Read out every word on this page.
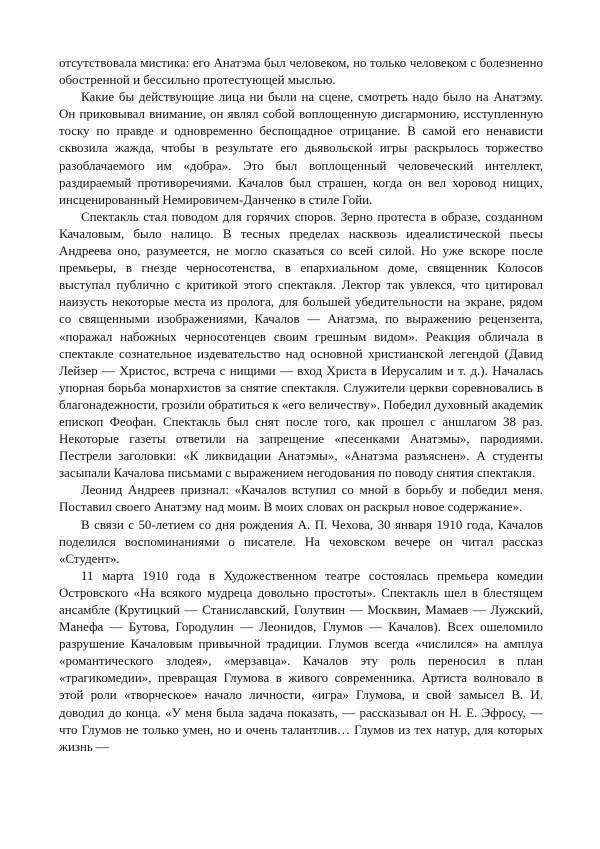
отсутствовала мистика: его Анатэма был человеком, но только человеком с болезненно обостренной и бессильно протестующей мыслью.

Какие бы действующие лица ни были на сцене, смотреть надо было на Анатэму. Он приковывал внимание, он являл собой воплощенную дисгармонию, исступленную тоску по правде и одновременно беспощадное отрицание. В самой его ненависти сквозила жажда, чтобы в результате его дьявольской игры раскрылось торжество разоблачаемого им «добра». Это был воплощенный человеческий интеллект, раздираемый противоречиями. Качалов был страшен, когда он вел хоровод нищих, инсценированный Немировичем-Данченко в стиле Гойи.

Спектакль стал поводом для горячих споров. Зерно протеста в образе, созданном Качаловым, было налицо. В тесных пределах насквозь идеалистической пьесы Андреева оно, разумеется, не могло сказаться со всей силой. Но уже вскоре после премьеры, в гнезде черносотенства, в епархиальном доме, священник Колосов выступал публично с критикой этого спектакля. Лектор так увлекся, что цитировал наизусть некоторые места из пролога, для большей убедительности на экране, рядом со священными изображениями, Качалов — Анатэма, по выражению рецензента, «поражал набожных черносотенцев своим грешным видом». Реакция обличала в спектакле сознательное издевательство над основной христианской легендой (Давид Лейзер — Христос, встреча с нищими — вход Христа в Иерусалим и т. д.). Началась упорная борьба монархистов за снятие спектакля. Служители церкви соревновались в благонадежности, грозили обратиться к «его величеству». Победил духовный академик епископ Феофан. Спектакль был снят после того, как прошел с аншлагом 38 раз. Некоторые газеты ответили на запрещение «песенками Анатэмы», пародиями. Пестрели заголовки: «К ликвидации Анатэмы», «Анатэма разъяснен». А студенты засыпали Качалова письмами с выражением негодования по поводу снятия спектакля.

Леонид Андреев признал: «Качалов вступил со мной в борьбу и победил меня. Поставил своего Анатэму над моим. В моих словах он раскрыл новое содержание».

В связи с 50-летием со дня рождения А. П. Чехова, 30 января 1910 года, Качалов поделился воспоминаниями о писателе. На чеховском вечере он читал рассказ «Студент».

11 марта 1910 года в Художественном театре состоялась премьера комедии Островского «На всякого мудреца довольно простоты». Спектакль шел в блестящем ансамбле (Крутицкий — Станиславский, Голутвин — Москвин, Мамаев — Лужский, Манефа — Бутова, Городулин — Леонидов, Глумов — Качалов). Всех ошеломило разрушение Качаловым привычной традиции. Глумов всегда «числился» на амплуа «романтического злодея», «мерзавца». Качалов эту роль переносил в план «трагикомедии», превращая Глумова в живого современника. Артиста волновало в этой роли «творческое» начало личности, «игра» Глумова, и свой замысел В. И. доводил до конца. «У меня была задача показать, — рассказывал он Н. Е. Эфросу, — что Глумов не только умен, но и очень талантлив… Глумов из тех натур, для которых жизнь —
